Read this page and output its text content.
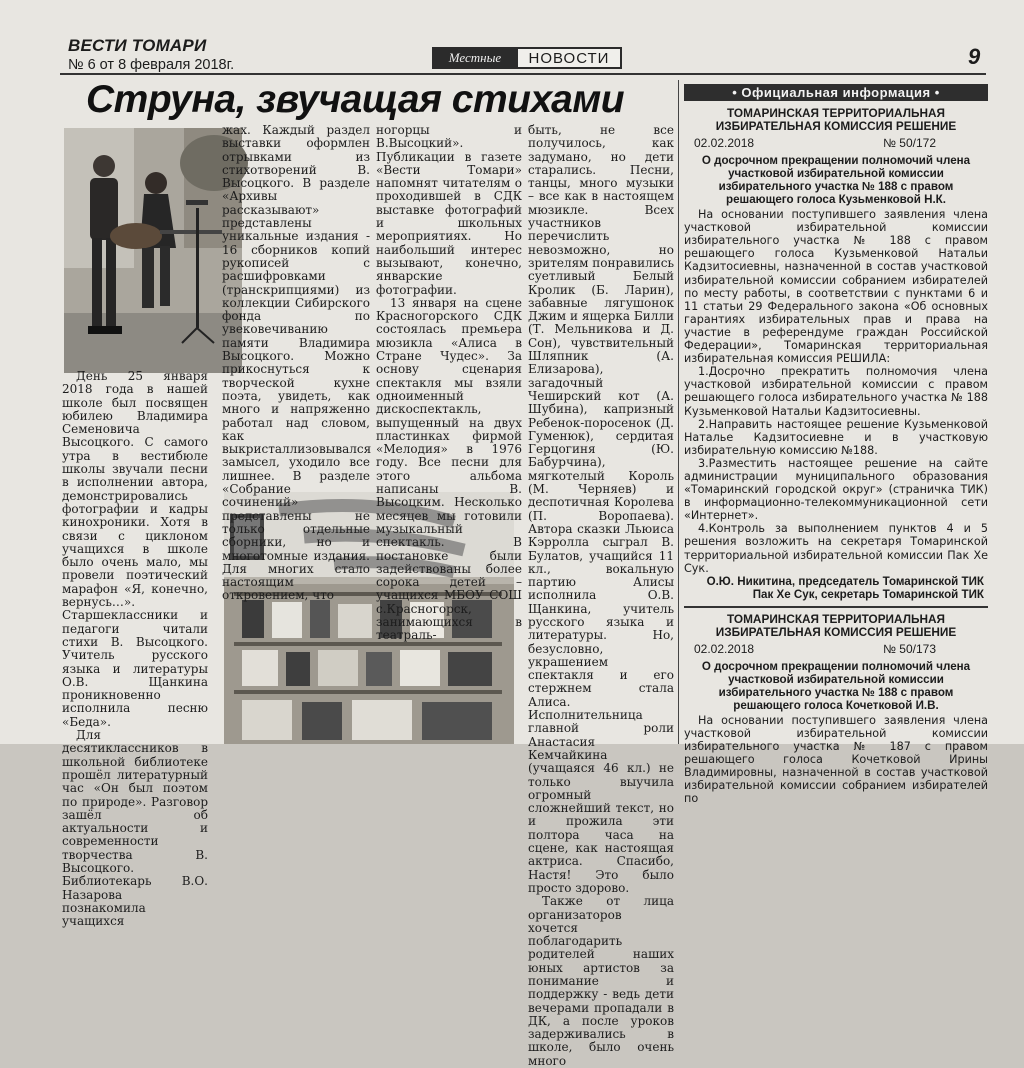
ВЕСТИ ТОМАРИ
№ 6 от 8 февраля 2018г.	Местные	НОВОСТИ	9
Струна, звучащая стихами

День 25 января 2018 года в нашей школе был посвящен юбилею Владимира Семеновича Высоцкого. С самого утра в вестибюле школы звучали песни в исполнении автора, демонстрировались фотографии и кадры кинохроники. Хотя в связи с циклоном учащихся в школе было очень мало, мы провели поэтический марафон «Я, конечно, вернусь…». Старшеклассники и педагоги читали стихи В. Высоцкого. Учитель русского языка и литературы О.В. Щанкина проникновенно исполнила песню «Беда».

Для десятиклассников в школьной библиотеке прошёл литературный час «Он был поэтом по природе». Разговор зашёл об актуальности и современности творчества В. Высоцкого. Библиотекарь В.О. Назарова познакомила учащихся

жах. Каждый раздел выставки оформлен отрывками из стихотворений В. Высоцкого. В разделе «Архивы рассказывают» представлены уникальные издания - 16 сборников копий рукописей с расшифровками (транскрипциями) из коллекции Сибирского фонда по увековечиванию памяти Владимира Высоцкого. Можно прикоснуться к творческой кухне поэта, увидеть, как много и напряженно работал над словом, как выкристаллизовывался замысел, уходило все лишнее. В разделе «Собрание сочинений» представлены не только отдельные сборники, но и многотомные издания. Для многих стало настоящим откровением, что

ногорцы и В.Высоцкий». Публикации в газете «Вести Томари» напомнят читателям о проходившей в СДК выставке фотографий и школьных мероприятиях. Но наибольший интерес вызывают, конечно, январские фотографии.

13 января на сцене Красногорского СДК состоялась премьера мюзикла «Алиса в Стране Чудес». За основу сценария спектакля мы взяли одноименный дискоспектакль, выпущенный на двух пластинках фирмой «Мелодия» в 1976 году. Все песни для этого альбома написаны В. Высоцким. Несколько месяцев мы готовили музыкальный спектакль. В постановке были задействованы более сорока детей – учащихся МБОУ СОШ с.Красногорск, занимающихся в театраль-

быть, не все получилось, как задумано, но дети старались. Песни, танцы, много музыки – все как в настоящем мюзикле. Всех участников перечислить невозможно, но зрителям понравились суетливый Белый Кролик (Б. Ларин), забавные лягушонок Джим и ящерка Билли (Т. Мельникова и Д. Сон), чувствительный Шляпник (А. Елизарова), загадочный Чеширский кот (А. Шубина), капризный Ребенок-поросенок (Д. Гуменюк), сердитая Герцогиня (Ю. Бабурчина), мягкотелый Король (М. Черняев) и деспотичная Королева (П. Воропаева). Автора сказки Льюиса Кэрролла сыграл В. Булатов, учащийся 11 кл., вокальную партию Алисы исполнила О.В. Щанкина, учитель русского языка и литературы. Но, безусловно, украшением спектакля и его стержнем стала Алиса. Исполнительница главной роли Анастасия Кемчайкина (учащаяся 46 кл.) не только выучила огромный сложнейший текст, но и прожила эти полтора часа на сцене, как настоящая актриса. Спасибо, Настя! Это было просто здорово.

Также от лица организаторов хочется поблагодарить родителей наших юных артистов за понимание и поддержку - ведь дети вечерами пропадали в ДК, а после уроков задерживались в школе, было очень много

• Официальная информация •
ТОМАРИНСКАЯ ТЕРРИТОРИАЛЬНАЯ ИЗБИРАТЕЛЬНАЯ КОМИССИЯ РЕШЕНИЕ
02.02.2018	№ 50/172
О досрочном прекращении полномочий члена участковой избирательной комиссии избирательного участка № 188 с правом решающего голоса Кузьменковой Н.К.

На основании поступившего заявления члена участковой избирательной комиссии избирательного участка № 188 с правом решающего голоса Кузьменковой Натальи Кадзитосиевны, назначенной в состав участковой избирательной комиссии собранием избирателей по месту работы, в соответствии с пунктами 6 и 11 статьи 29 Федерального закона «Об основных гарантиях избирательных прав и права на участие в референдуме граждан Российской Федерации», Томаринская территориальная избирательная комиссия РЕШИЛА:

1.Досрочно прекратить полномочия члена участковой избирательной комиссии с правом решающего голоса избирательного участка № 188 Кузьменковой Натальи Кадзитосиевны.

2.Направить настоящее решение Кузьменковой Наталье Кадзитосиевне и в участковую избирательную комиссию №188.

3.Разместить настоящее решение на сайте администрации муниципального образования «Томаринский городской округ» (страничка ТИК) в информационно-телекоммуникационной сети «Интернет».

4.Контроль за выполнением пунктов 4 и 5 решения возложить на секретаря Томаринской территориальной избирательной комиссии Пак Хе Сук.

О.Ю. Никитина, председатель Томаринской ТИК
Пак Хе Сук, секретарь Томаринской ТИК
ТОМАРИНСКАЯ ТЕРРИТОРИАЛЬНАЯ ИЗБИРАТЕЛЬНАЯ КОМИССИЯ РЕШЕНИЕ
02.02.2018	№ 50/173
О досрочном прекращении полномочий члена участковой избирательной комиссии избирательного участка № 188 с правом решающего голоса Кочетковой И.В.

На основании поступившего заявления члена участковой избирательной комиссии избирательного участка № 187 с правом решающего голоса Кочетковой Ирины Владимировны, назначенной в состав участковой избирательной комиссии собранием избирателей по
